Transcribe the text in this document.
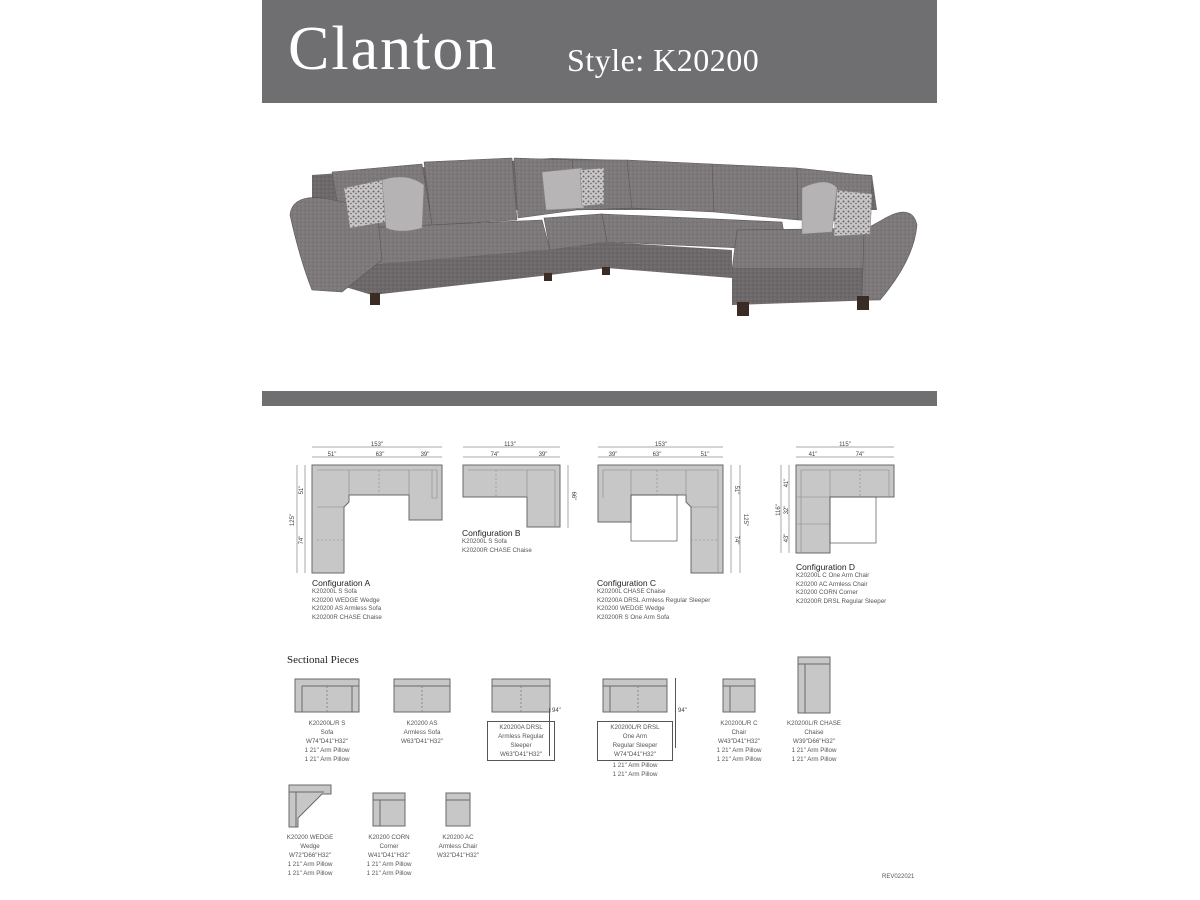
Clanton Style: K20200
153"
51"	63"	39"
125"
51"
74"
Configuration A
K20200L S Sofa
K20200 WEDGE Wedge
K20200 AS Armless Sofa
K20200R CHASE Chaise
113"
74"	39"
66"
Configuration B
K20200L S Sofa
K20200R CHASE Chaise
153"
39"	63"	51"
51"
74"
125"
Configuration C
K20200L CHASE Chaise
K20200A DRSL Armless Regular Sleeper
K20200 WEDGE Wedge
K20200R S One Arm Sofa
115"
41"	74"
116"
41"
32"
43"
Configuration D
K20200L C One Arm Chair
K20200 AC Armless Chair
K20200 CORN Corner
K20200R DRSL Regular Sleeper
Sectional Pieces
K20200L/R S
Sofa
W74"D41"H32"
1 21" Arm Pillow
1 21" Arm Pillow
K20200 AS
Armless Sofa
W63"D41"H32"
K20200A DRSL
Armless Regular
Sleeper
W63"D41"H32"
94"
K20200L/R DRSL
One Arm
Regular Sleeper
W74"D41"H32"
1 21" Arm Pillow
1 21" Arm Pillow
94"
K20200L/R C
Chair
W43"D41"H32"
1 21" Arm Pillow
1 21" Arm Pillow
K20200L/R CHASE
Chaise
W39"D66"H32"
1 21" Arm Pillow
1 21" Arm Pillow
K20200 WEDGE
Wedge
W72"D66"H32"
1 21" Arm Pillow
1 21" Arm Pillow
K20200 CORN
Corner
W41"D41"H32"
1 21" Arm Pillow
1 21" Arm Pillow
K20200 AC
Armless Chair
W32"D41"H32"
REV022021
